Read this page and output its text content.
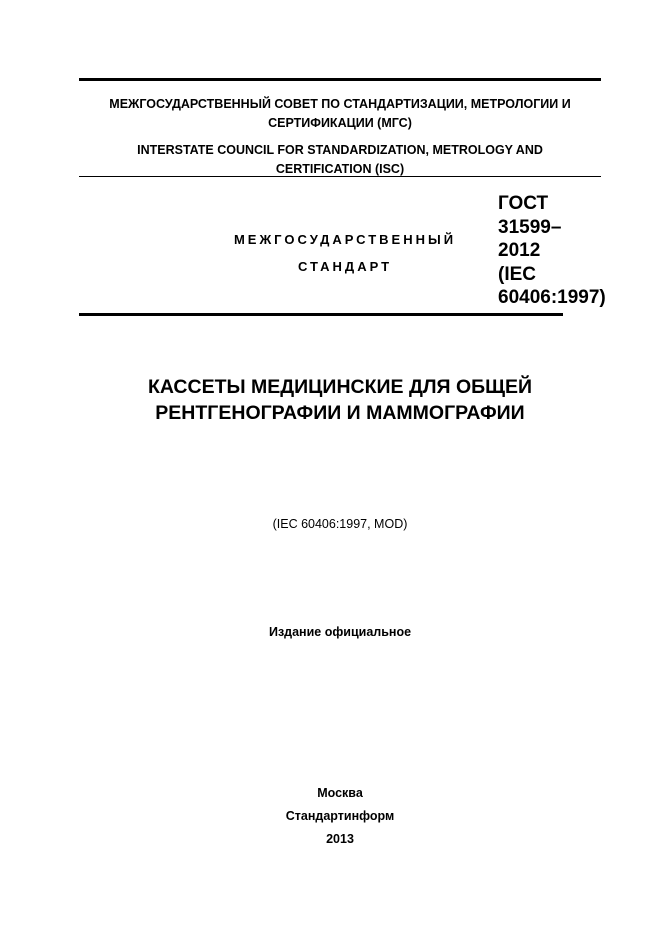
МЕЖГОСУДАРСТВЕННЫЙ СОВЕТ ПО СТАНДАРТИЗАЦИИ, МЕТРОЛОГИИ И
СЕРТИФИКАЦИИ (МГС)
INTERSTATE COUNCIL FOR STANDARDIZATION, METROLOGY AND
CERTIFICATION (ISC)
МЕЖГОСУДАРСТВЕННЫЙ
СТАНДАРТ
ГОСТ
31599–
2012
(IEC
60406:1997)
КАССЕТЫ МЕДИЦИНСКИЕ ДЛЯ ОБЩЕЙ
РЕНТГЕНОГРАФИИ И МАММОГРАФИИ
(IEC 60406:1997, MOD)
Издание официальное
Москва
Стандартинформ
2013
